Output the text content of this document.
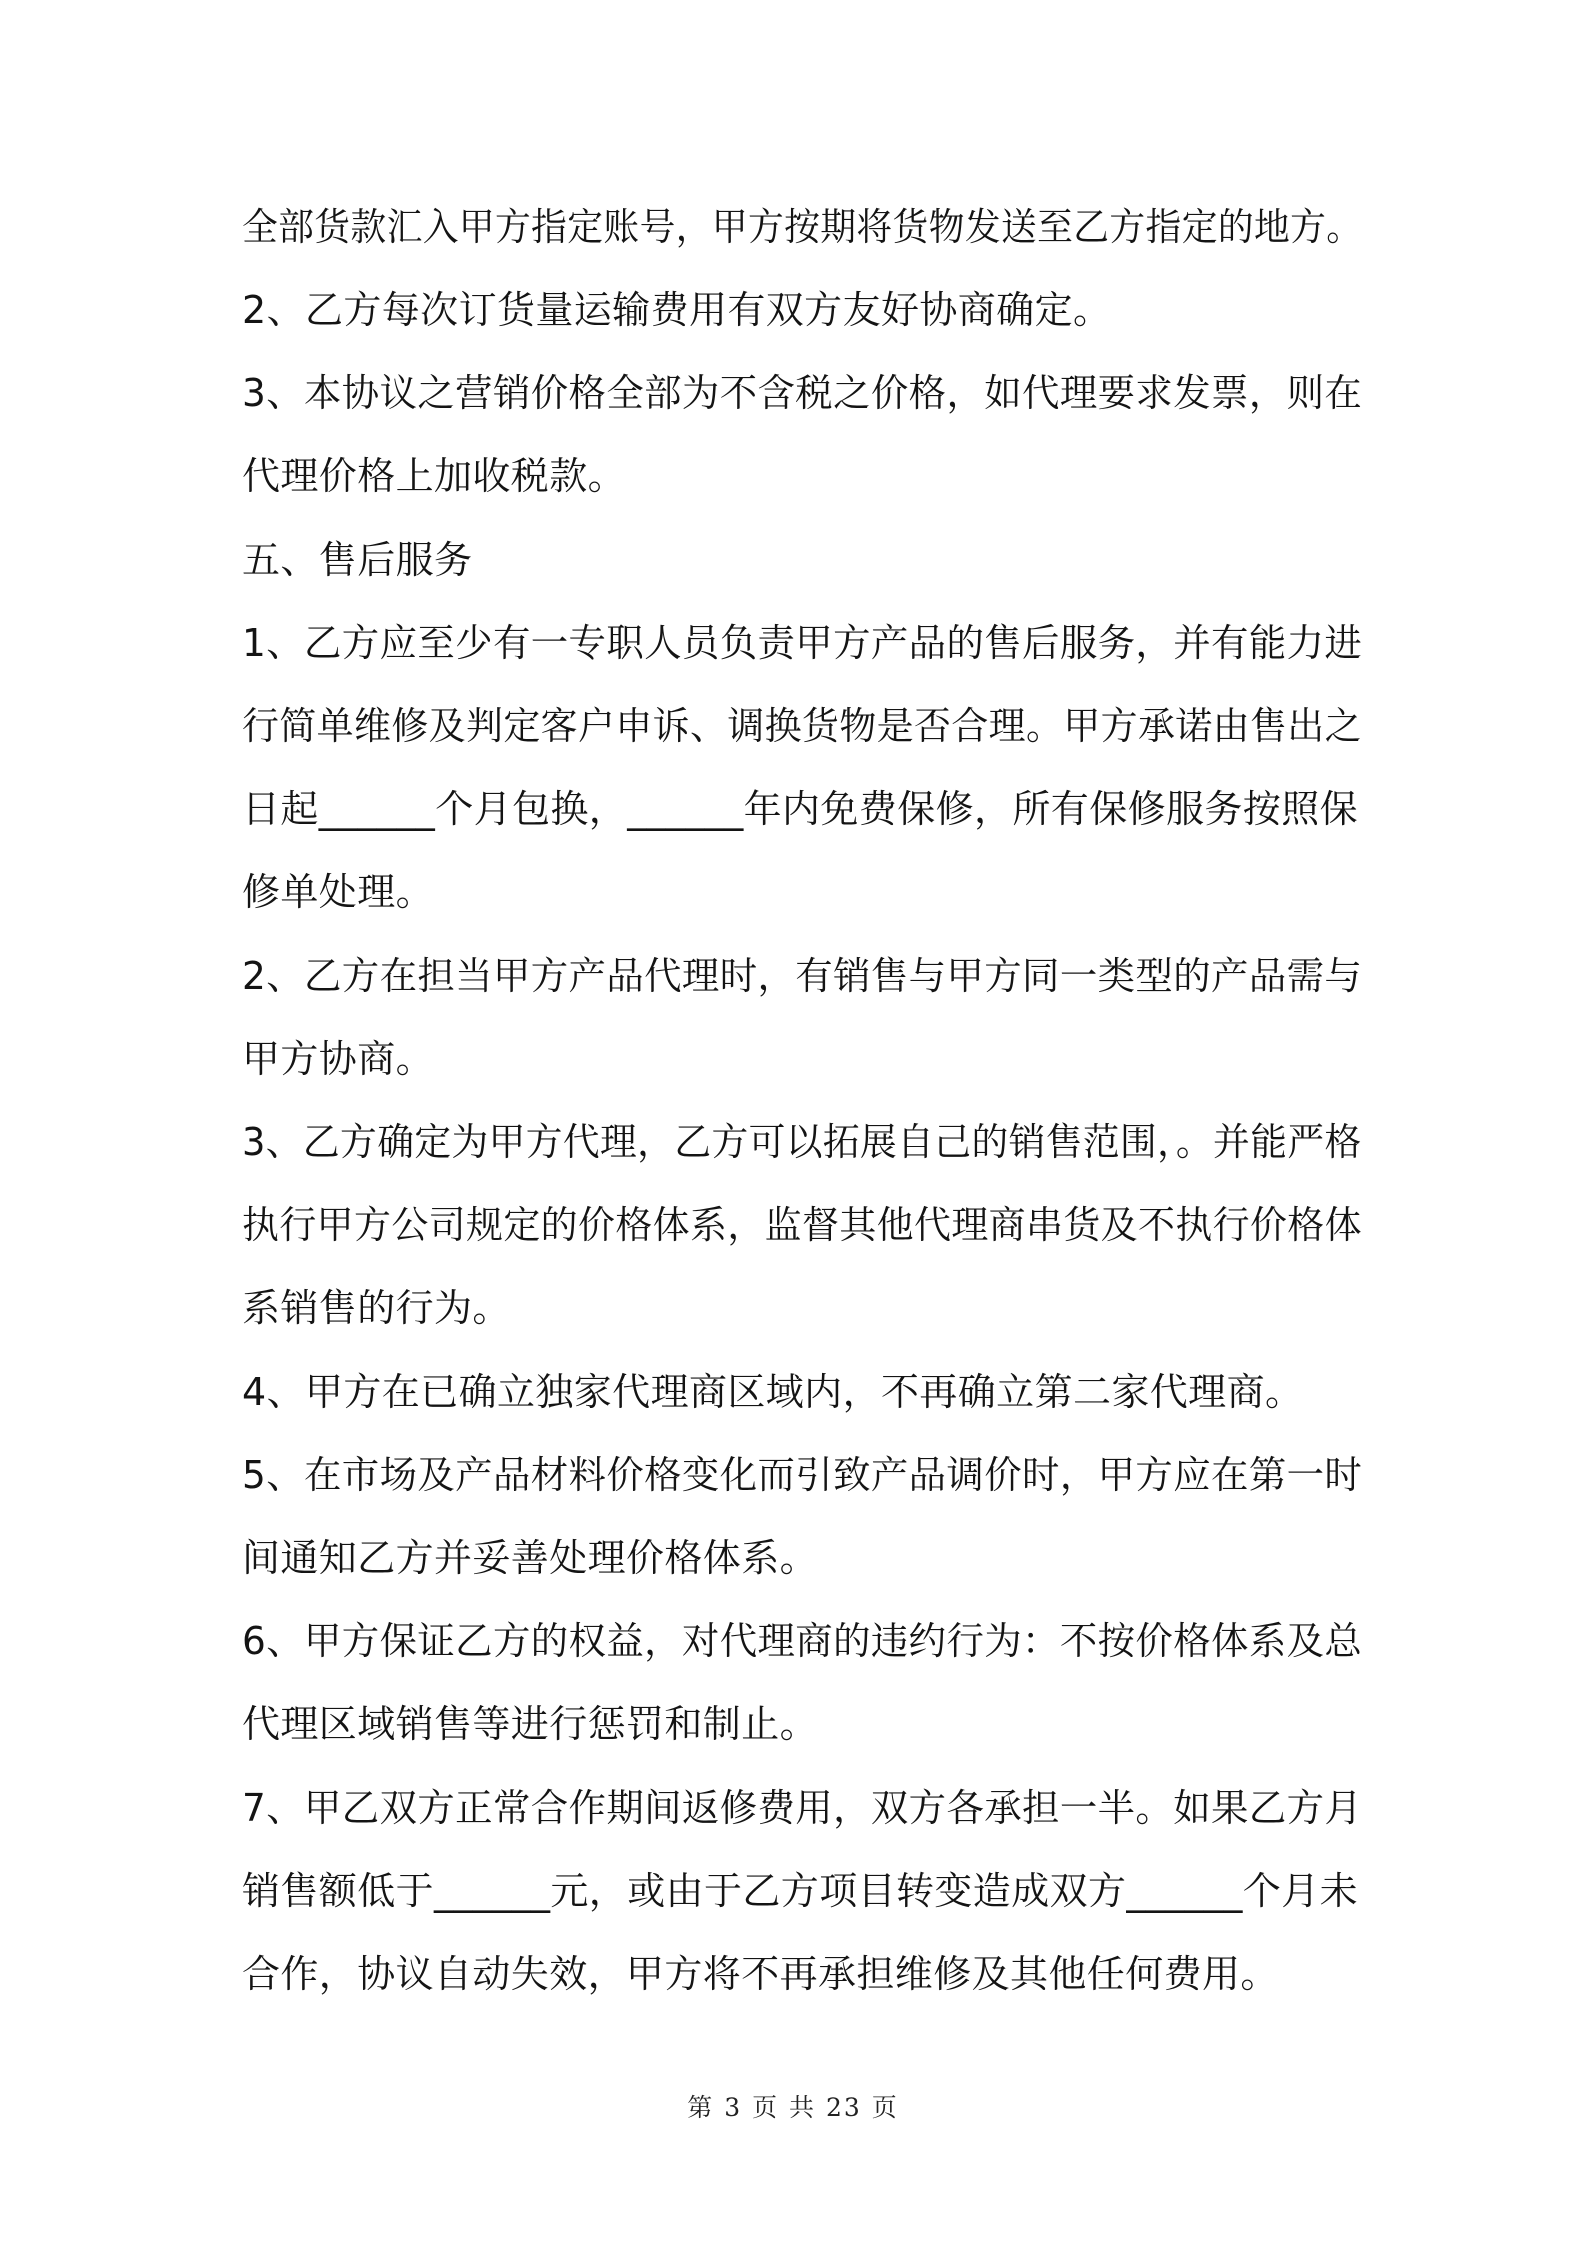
全部货款汇入甲方指定账号，甲方按期将货物发送至乙方指定的地方。
2、乙方每次订货量运输费用有双方友好协商确定。
3、本协议之营销价格全部为不含税之价格，如代理要求发票，则在
代理价格上加收税款。
五、售后服务
1、乙方应至少有一专职人员负责甲方产品的售后服务，并有能力进
行简单维修及判定客户申诉、调换货物是否合理。甲方承诺由售出之
日起______个月包换，______年内免费保修，所有保修服务按照保
修单处理。
2、乙方在担当甲方产品代理时，有销售与甲方同一类型的产品需与
甲方协商。
3、乙方确定为甲方代理，乙方可以拓展自己的销售范围，。并能严格
执行甲方公司规定的价格体系，监督其他代理商串货及不执行价格体
系销售的行为。
4、甲方在已确立独家代理商区域内，不再确立第二家代理商。
5、在市场及产品材料价格变化而引致产品调价时，甲方应在第一时
间通知乙方并妥善处理价格体系。
6、甲方保证乙方的权益，对代理商的违约行为：不按价格体系及总
代理区域销售等进行惩罚和制止。
7、甲乙双方正常合作期间返修费用，双方各承担一半。如果乙方月
销售额低于______元，或由于乙方项目转变造成双方______个月未
合作，协议自动失效，甲方将不再承担维修及其他任何费用。
第 3 页 共 23 页
